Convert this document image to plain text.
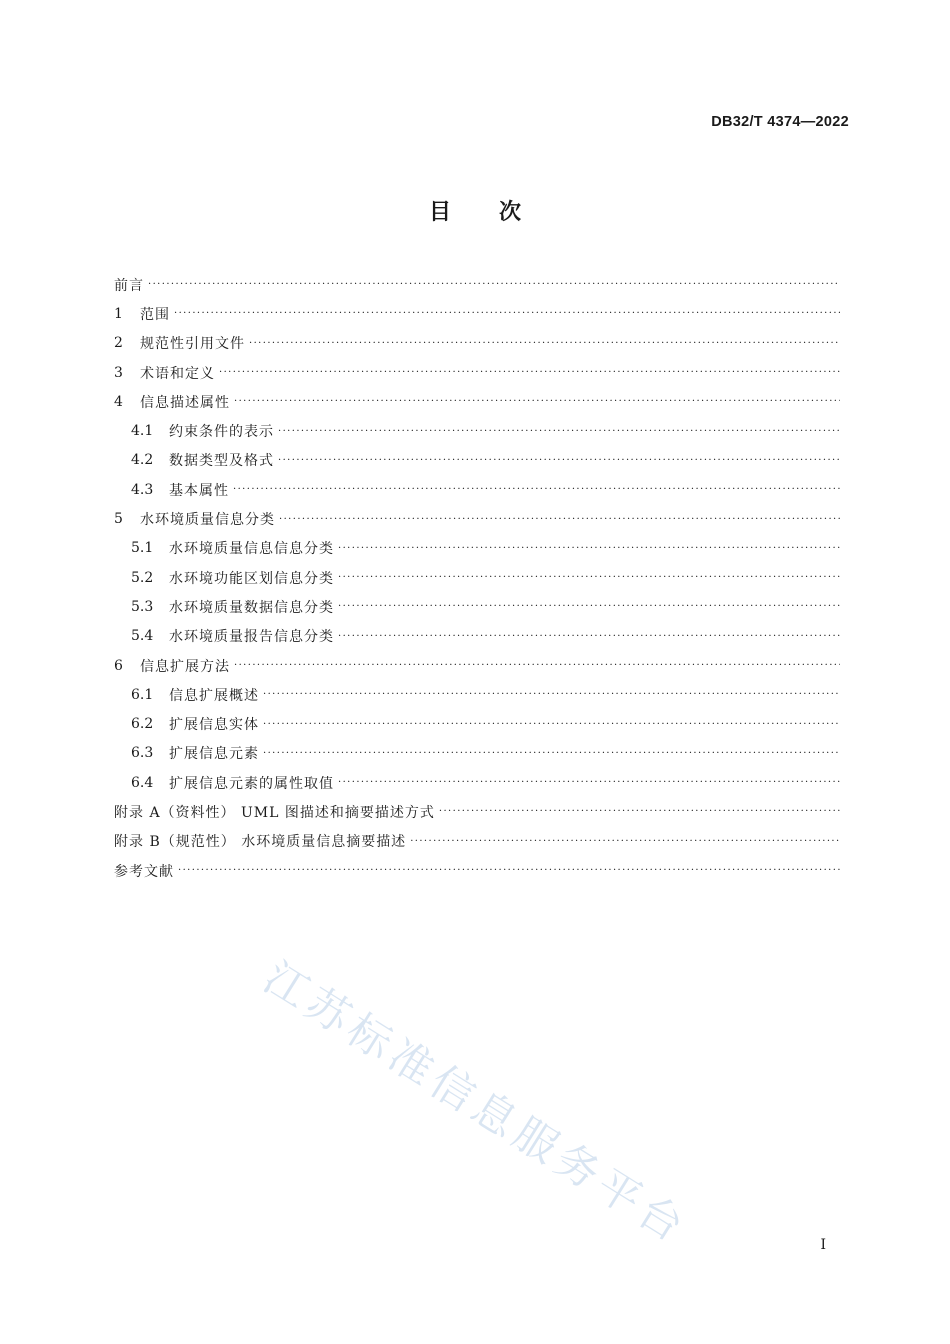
DB32/T 4374—2022
目次
前言
·····
1	范围
·····
2	规范性引用文件
·····
3	术语和定义
·····
4	信息描述属性
·····
4.1	约束条件的表示
·····
4.2	数据类型及格式
·····
4.3	基本属性
·····
5	水环境质量信息分类
·····
5.1	水环境质量信息信息分类
·····
5.2	水环境功能区划信息分类
·····
5.3	水环境质量数据信息分类
·····
5.4	水环境质量报告信息分类
·····
6	信息扩展方法
·····
6.1	信息扩展概述
·····
6.2	扩展信息实体
·····
6.3	扩展信息元素
·····
6.4	扩展信息元素的属性取值
·····
附录 A（资料性） UML 图描述和摘要描述方式
·····
附录 B（规范性） 水环境质量信息摘要描述
·····
参考文献
·····
江苏标准信息服务平台	I
